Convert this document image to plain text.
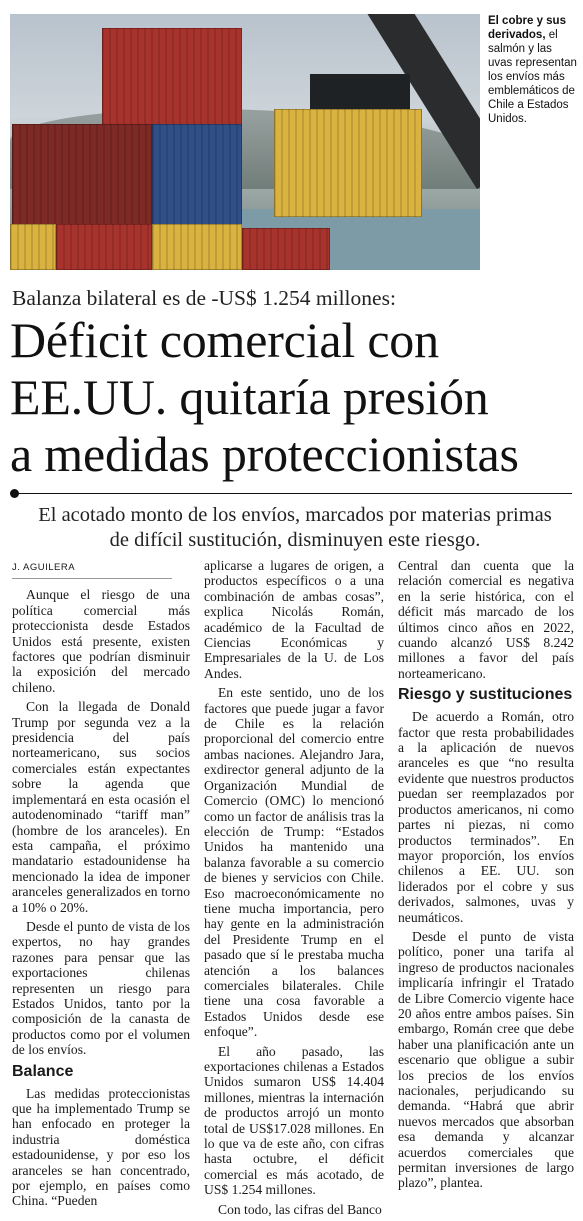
El cobre y sus derivados, el salmón y las uvas representan los envíos más emblemáticos de Chile a Estados Unidos.
Balanza bilateral es de -US$ 1.254 millones:
Déficit comercial con
EE.UU. quitaría presión
a medidas proteccionistas
El acotado monto de los envíos, marcados por materias primas de difícil sustitución, disminuyen este riesgo.
J. AGUILERA

Aunque el riesgo de una política comercial más proteccionista desde Estados Unidos está presente, existen factores que podrían disminuir la exposición del mercado chileno.

Con la llegada de Donald Trump por segunda vez a la presidencia del país norteamericano, sus socios comerciales están expectantes sobre la agenda que implementará en esta ocasión el autodenominado “tariff man” (hombre de los aranceles). En esta campaña, el próximo mandatario estadounidense ha mencionado la idea de imponer aranceles generalizados en torno a 10% o 20%.

Desde el punto de vista de los expertos, no hay grandes razones para pensar que las exportaciones chilenas representen un riesgo para Estados Unidos, tanto por la composición de la canasta de productos como por el volumen de los envíos.

Balance

Las medidas proteccionistas que ha implementado Trump se han enfocado en proteger la industria doméstica estadounidense, y por eso los aranceles se han concentrado, por ejemplo, en países como China. “Pueden

aplicarse a lugares de origen, a productos específicos o a una combinación de ambas cosas”, explica Nicolás Román, académico de la Facultad de Ciencias Económicas y Empresariales de la U. de Los Andes.

En este sentido, uno de los factores que puede jugar a favor de Chile es la relación proporcional del comercio entre ambas naciones. Alejandro Jara, exdirector general adjunto de la Organización Mundial de Comercio (OMC) lo mencionó como un factor de análisis tras la elección de Trump: “Estados Unidos ha mantenido una balanza favorable a su comercio de bienes y servicios con Chile. Eso macroeconómicamente no tiene mucha importancia, pero hay gente en la administración del Presidente Trump en el pasado que sí le prestaba mucha atención a los balances comerciales bilaterales. Chile tiene una cosa favorable a Estados Unidos desde ese enfoque”.

El año pasado, las exportaciones chilenas a Estados Unidos sumaron US$ 14.404 millones, mientras la internación de productos arrojó un monto total de US$17.028 millones. En lo que va de este año, con cifras hasta octubre, el déficit comercial es más acotado, de US$ 1.254 millones.

Con todo, las cifras del Banco

Central dan cuenta que la relación comercial es negativa en la serie histórica, con el déficit más marcado de los últimos cinco años en 2022, cuando alcanzó US$ 8.242 millones a favor del país norteamericano.

Riesgo y sustituciones

De acuerdo a Román, otro factor que resta probabilidades a la aplicación de nuevos aranceles es que “no resulta evidente que nuestros productos puedan ser reemplazados por productos americanos, ni como partes ni piezas, ni como productos terminados”. En mayor proporción, los envíos chilenos a EE. UU. son liderados por el cobre y sus derivados, salmones, uvas y neumáticos.

Desde el punto de vista político, poner una tarifa al ingreso de productos nacionales implicaría infringir el Tratado de Libre Comercio vigente hace 20 años entre ambos países. Sin embargo, Román cree que debe haber una planificación ante un escenario que obligue a subir los precios de los envíos nacionales, perjudicando su demanda. “Habrá que abrir nuevos mercados que absorban esa demanda y alcanzar acuerdos comerciales que permitan inversiones de largo plazo”, plantea.
